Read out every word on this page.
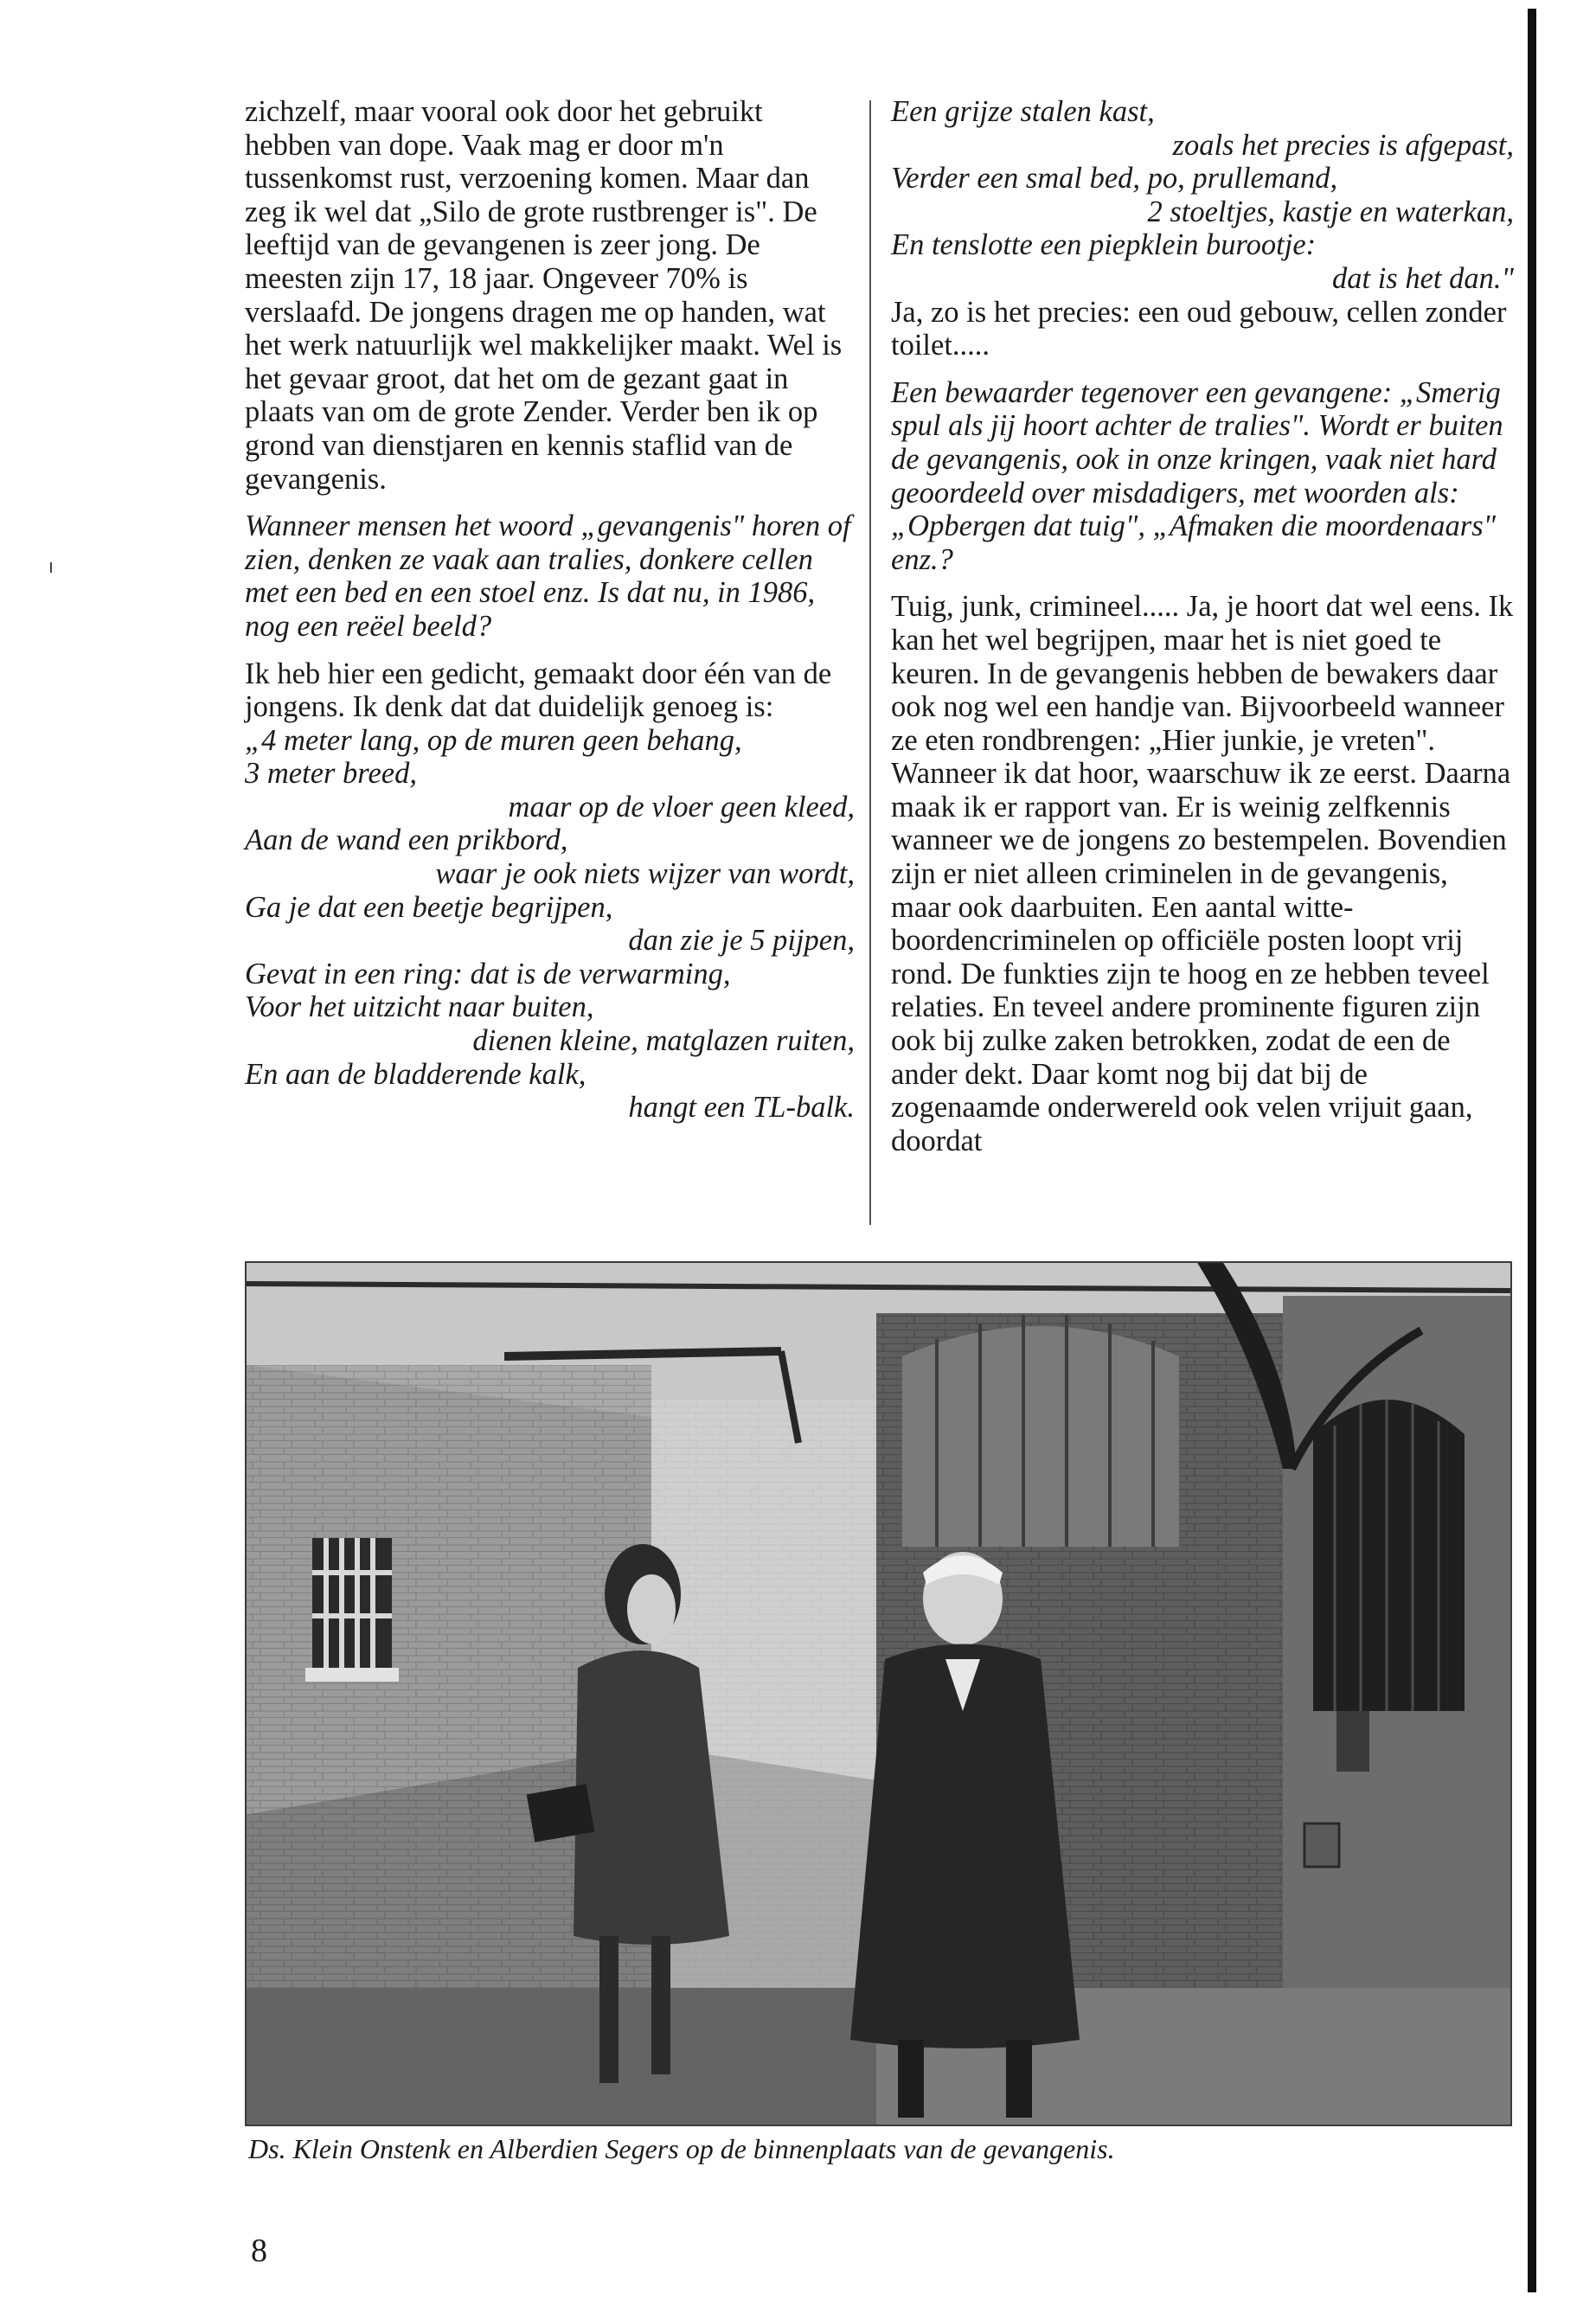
zichzelf, maar vooral ook door het gebruikt hebben van dope. Vaak mag er door m'n tussenkomst rust, verzoening komen. Maar dan zeg ik wel dat „Silo de grote rustbrenger is". De leeftijd van de gevangenen is zeer jong. De meesten zijn 17, 18 jaar. Ongeveer 70% is verslaafd. De jongens dragen me op handen, wat het werk natuurlijk wel makkelijker maakt. Wel is het gevaar groot, dat het om de gezant gaat in plaats van om de grote Zender. Verder ben ik op grond van dienstjaren en kennis staflid van de gevangenis.

Wanneer mensen het woord „gevangenis" horen of zien, denken ze vaak aan tralies, donkere cellen met een bed en een stoel enz. Is dat nu, in 1986, nog een reëel beeld?

Ik heb hier een gedicht, gemaakt door één van de jongens. Ik denk dat dat duidelijk genoeg is:

„4 meter lang, op de muren geen behang,

3 meter breed,

maar op de vloer geen kleed,

Aan de wand een prikbord,

waar je ook niets wijzer van wordt,

Ga je dat een beetje begrijpen,

dan zie je 5 pijpen,

Gevat in een ring: dat is de verwarming,

Voor het uitzicht naar buiten,

dienen kleine, matglazen ruiten,

En aan de bladderende kalk,

hangt een TL-balk.

Een grijze stalen kast,

zoals het precies is afgepast,

Verder een smal bed, po, prullemand,

2 stoeltjes, kastje en waterkan,

En tenslotte een piepklein burootje:

dat is het dan."

Ja, zo is het precies: een oud gebouw, cellen zonder toilet.....

Een bewaarder tegenover een gevangene: „Smerig spul als jij hoort achter de tralies". Wordt er buiten de gevangenis, ook in onze kringen, vaak niet hard geoordeeld over misdadigers, met woorden als: „Opbergen dat tuig", „Afmaken die moordenaars" enz.?

Tuig, junk, crimineel..... Ja, je hoort dat wel eens. Ik kan het wel begrijpen, maar het is niet goed te keuren. In de gevangenis hebben de bewakers daar ook nog wel een handje van. Bijvoorbeeld wanneer ze eten rondbrengen: „Hier junkie, je vreten". Wanneer ik dat hoor, waarschuw ik ze eerst. Daarna maak ik er rapport van. Er is weinig zelfkennis wanneer we de jongens zo bestempelen. Bovendien zijn er niet alleen criminelen in de gevangenis, maar ook daarbuiten. Een aantal witte-boordencriminelen op officiële posten loopt vrij rond. De funkties zijn te hoog en ze hebben teveel relaties. En teveel andere prominente figuren zijn ook bij zulke zaken betrokken, zodat de een de ander dekt. Daar komt nog bij dat bij de zogenaamde onderwereld ook velen vrijuit gaan, doordat

Ds. Klein Onstenk en Alberdien Segers op de binnenplaats van de gevangenis.
8
